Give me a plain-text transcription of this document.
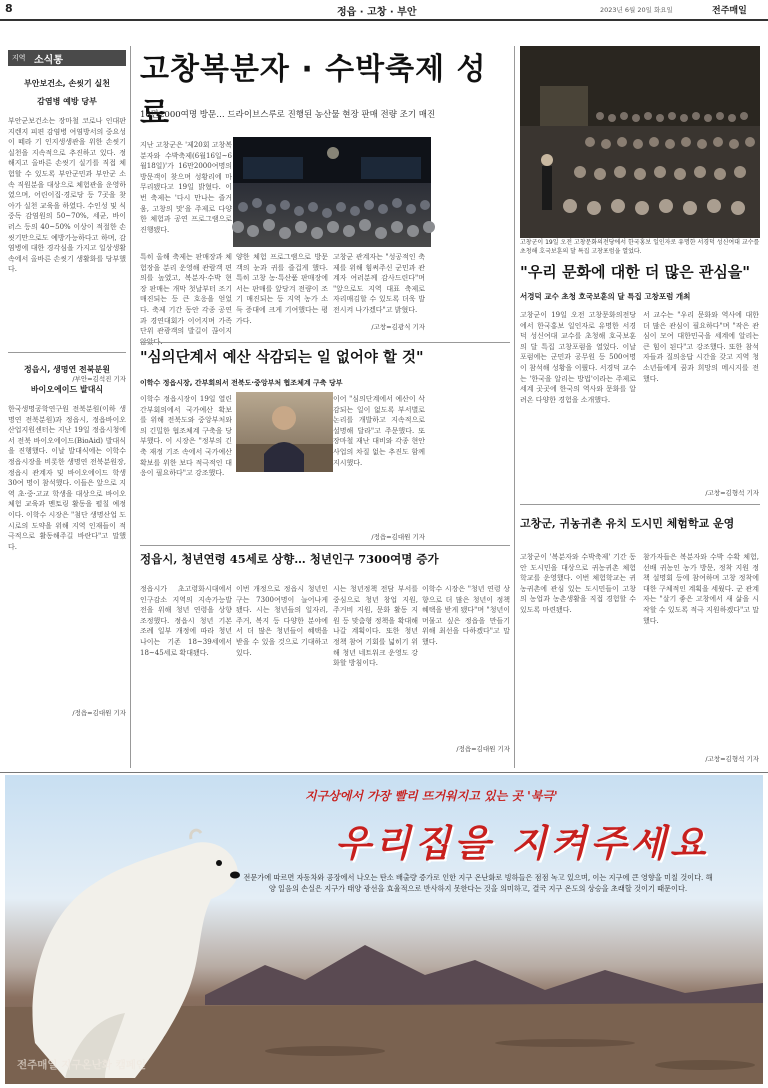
8	정읍 · 고창 · 부안	2023년 6월 20일 화요일	전주매일
지역 소식통
부안보건소, 손씻기 실천
감염병 예방 당부
부안군보건소는 장마철 코로나 인대판 지렌지 피편 감염병 여염방서의 중요성이 떼라 기 인지생생관을 위한 손씻기 실천을 지속적으로 추진하고 있다. 정해지고 올바른 손씻기 실기를 직접 체험할 수 있도록 부안군민과 부안군 소속 직원분을 대상으로 체험관을 운영하였으며, 어린이집·경로당 등 7곳을 찾아가 실천 교육을 하였다. 수인성 및 식중독 감염원의 50~70%, 세균, 바이러스 등의 40~50% 이상이 적절한 손 씻기만으로도 예방가능하다고 하며, 감염병에 대한 경각심을 가지고 일상생활 속에서 올바른 손씻기 생활화를 당부했다.
/부안=김석진 기자
정읍시, 생명연 전북분원
바이오에이드 발대식
한국생명공학연구원 전북분원(이하 생명연 전북분원)과 정읍시, 정읍바이오산업지원센터는 지난 19일 정읍시청에서 전북 바이오에이드(BioAid) 발대식을 진행했다. 이날 발대식에는 이학수 정읍시장을 비롯한 생명연 전북분원장, 정읍시 관계자 및 바이오에이드 학생 30여 명이 참석했다. 이들은 앞으로 지역 초·중·고교 학생을 대상으로 바이오 체험 교육과 멘토링 활동을 펼칠 예정이다. 이학수 시장은 "첨단 생명산업 도시로의 도약을 위해 지역 인재들이 적극적으로 활동해주길 바란다"고 말했다.
/정읍=김대원 기자
고창복분자 · 수박축제 성료
16만2000여명 방문… 드라이브스루로 진행된 농산물 현장 판매 전량 조기 매진
지난 고창군은 '제20회 고창복분자와 수박축제(6월16일~6월18일)'가 16만2000여명의 방문객이 찾으며 성황리에 마무리됐다고 19일 밝혔다. 이번 축제는 '다시 만나는 즐거움, 고창의 맛'을 주제로 다양한 체험과 공연 프로그램으로 진행됐다.
특히 올해 축제는 판매장과 체험장을 분리 운영해 관람객 편의를 높였고, 복분자·수박 현장 판매는 개막 첫날부터 조기 매진되는 등 큰 호응을 얻었다. 축제 기간 동안 각종 공연과 경연대회가 이어지며 가족 단위 관광객의 발길이 끊이지
양한 체험 프로그램으로 방문객의 눈과 귀를 즐겁게 했다. 특히 고창 농·특산품 판매장에서는 판매를 앞당겨 전량이 조기 매진되는 등 지역 농가 소득 증대에 크게 기여했다는 평가다.
고창군 관계자는 "성공적인 축제를 위해 힘써주신 군민과 관계자 여러분께 감사드린다"며 "앞으로도 지역 대표 축제로 자리매김할 수 있도록 더욱 발전시켜 나가겠다"고 밝혔다.
/고창=김광식 기자
고창군이 19일 오전 고창문화의전당에서 한국홍보 일인자로 유명한 서경덕 성신여대 교수를 초청해 호국보훈의 달 특집 고창포럼을 열었다.
"우리 문화에 대한 더 많은 관심을"
서경덕 교수 초청 호국보훈의 달 특집 고창포럼 개최
고창군이 19일 오전 고창문화의전당에서 한국홍보 일인자로 유명한 서경덕 성신여대 교수를 초청해 호국보훈의 달 특집 고창포럼을 열었다. 이날 포럼에는 군민과 공무원 등 500여명이 참석해 성황을 이뤘다. 서경덕 교수는 '한국을 알리는 방법'이라는 주제로 세계 곳곳에 한국의 역사와 문화를 알려온 다양한 경험을 소개했다.
서 교수는 "우리 문화와 역사에 대한 더 많은 관심이 필요하다"며 "작은 관심이 모여 대한민국을 세계에 알리는 큰 힘이 된다"고 강조했다. 또한 참석자들과 질의응답 시간을 갖고 지역 청소년들에게 꿈과 희망의 메시지를 전했다.
/고창=김형석 기자
"심의단계서 예산 삭감되는 일 없어야 할 것"
이학수 정읍시장, 간부회의서 전북도·중앙부처 협조체계 구축 당부
이학수 정읍시장이 19일 열린 간부회의에서 국가예산 확보를 위해 전북도와 중앙부처와의 긴밀한 협조체계 구축을 당부했다. 이 시장은 "정부의 긴축 재정 기조 속에서 국가예산 확보를 위한 보다 적극적인 대응이 필요하다"고 강조했다.
이어 "심의단계에서 예산이 삭감되는 일이 없도록 부서별로 논리를 개발하고 지속적으로 설명해 달라"고 주문했다. 또 장마철 재난 대비와 각종 현안 사업의 차질 없는 추진도 함께 지시했다.
/정읍=김대원 기자
고창군, 귀농귀촌 유치 도시민 체험학교 운영
고창군이 '복분자와 수박축제' 기간 동안 도시민을 대상으로 귀농귀촌 체험학교를 운영했다. 이번 체험학교는 귀농귀촌에 관심 있는 도시민들이 고창의 농업과 농촌생활을 직접 경험할 수 있도록 마련됐다.
참가자들은 복분자와 수박 수확 체험, 선배 귀농인 농가 방문, 정착 지원 정책 설명회 등에 참여하며 고창 정착에 대한 구체적인 계획을 세웠다. 군 관계자는 "살기 좋은 고창에서 새 삶을 시작할 수 있도록 적극 지원하겠다"고 말했다.
/고창=김형석 기자
정읍시, 청년연령 45세로 상향… 청년인구 7300여명 증가
정읍시가 초고령화시대에서 인구감소 지역의 지속가능발전을 위해 청년 연령을 상향 조정했다. 정읍시 청년 기본 조례 일부 개정에 따라 청년 나이는 기존 18~39세에서 18~45세로 확대됐다.
이번 개정으로 정읍시 청년인구는 7300여명이 늘어나게 됐다. 시는 청년들의 일자리, 주거, 복지 등 다양한 분야에서 더 많은 청년들이 혜택을 받을 수 있을 것으로 기대하고 있다.
시는 청년정책 전담 부서를 중심으로 청년 창업 지원, 주거비 지원, 문화 활동 지원 등 맞춤형 정책을 확대해 나갈 계획이다. 또한 청년 정책 참여 기회를 넓히기 위해 청년 네트워크 운영도 강화할 방침이다.
이학수 시장은 "청년 연령 상향으로 더 많은 청년이 정책 혜택을 받게 됐다"며 "청년이 머물고 싶은 정읍을 만들기 위해 최선을 다하겠다"고 말했다.
/정읍=김대원 기자
지구상에서 가장 빨리 뜨거워지고 있는 곳 '북극'
우리집을 지켜주세요
전문가에 따르면 자동차와 공장에서 나오는 탄소 배출량 증가로 인한 지구 온난화로 빙하들은 점점 녹고 있으며, 이는 지구에 큰 영향을 미칠 것이다. 해양 일음의 손실은 지구가 태양 광선을 효율적으로 반사하지 못한다는 것을 의미하고, 결국 지구 온도의 상승을 초래할 것이기 때문이다.
전주매일 지구온난화 캠페인
